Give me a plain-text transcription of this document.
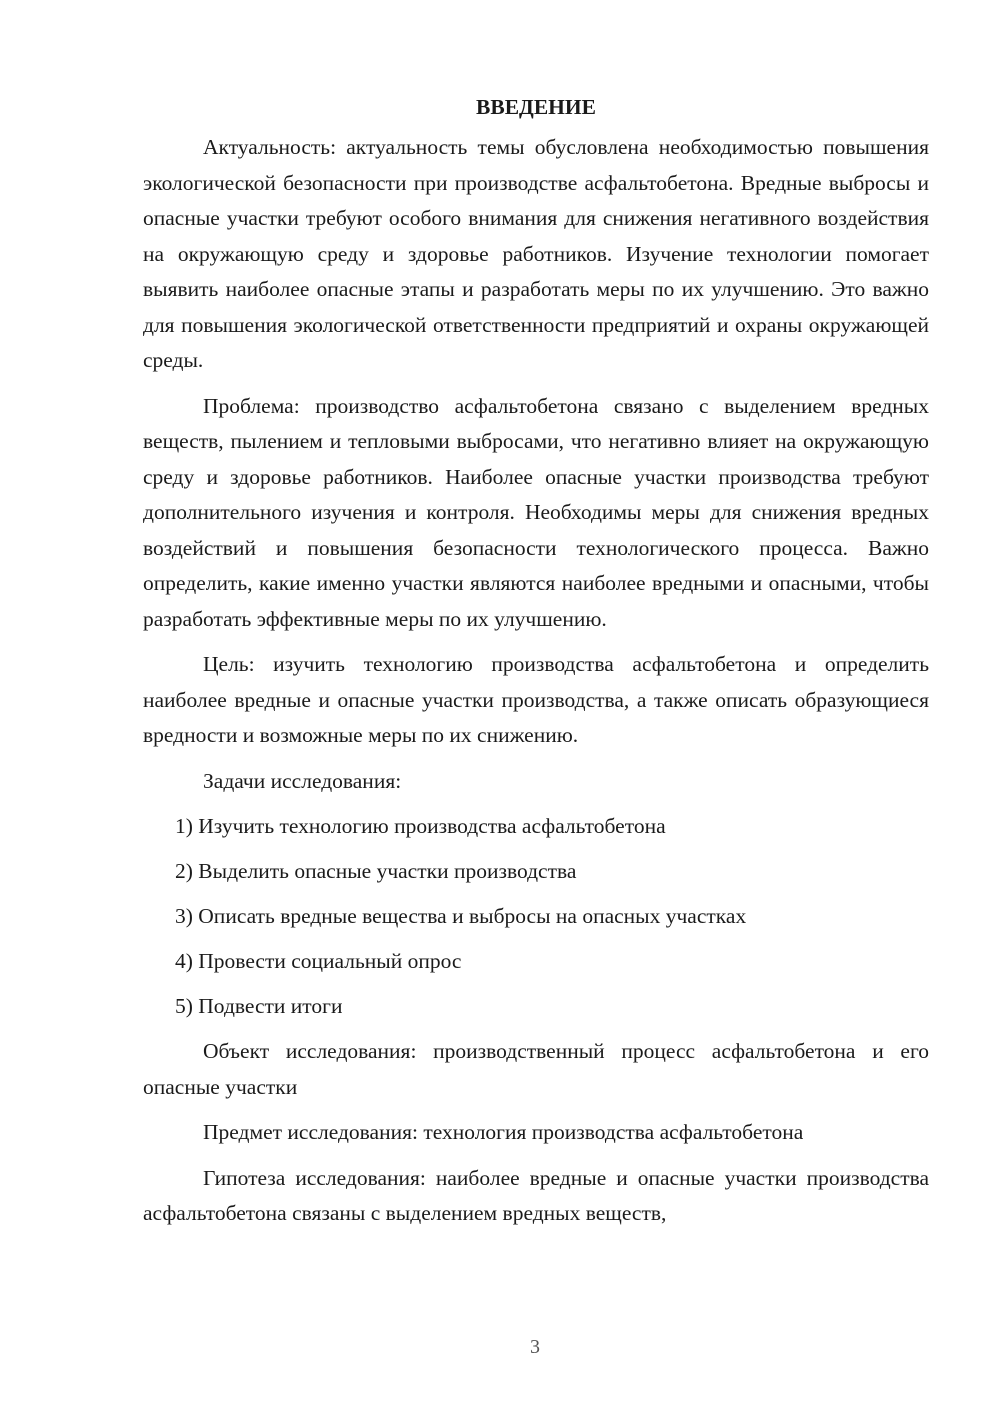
ВВЕДЕНИЕ

Актуальность: актуальность темы обусловлена необходимостью повышения экологической безопасности при производстве асфальтобетона. Вредные выбросы и опасные участки требуют особого внимания для снижения негативного воздействия на окружающую среду и здоровье работников. Изучение технологии помогает выявить наиболее опасные этапы и разработать меры по их улучшению. Это важно для повышения экологической ответственности предприятий и охраны окружающей среды.

Проблема: производство асфальтобетона связано с выделением вредных веществ, пылением и тепловыми выбросами, что негативно влияет на окружающую среду и здоровье работников. Наиболее опасные участки производства требуют дополнительного изучения и контроля. Необходимы меры для снижения вредных воздействий и повышения безопасности технологического процесса. Важно определить, какие именно участки являются наиболее вредными и опасными, чтобы разработать эффективные меры по их улучшению.

Цель: изучить технологию производства асфальтобетона и определить наиболее вредные и опасные участки производства, а также описать образующиеся вредности и возможные меры по их снижению.

Задачи исследования:

1) Изучить технологию производства асфальтобетона
2) Выделить опасные участки производства
3) Описать вредные вещества и выбросы на опасных участках
4) Провести социальный опрос
5) Подвести итоги

Объект исследования: производственный процесс асфальтобетона и его опасные участки

Предмет исследования: технология производства асфальтобетона

Гипотеза исследования: наиболее вредные и опасные участки производства асфальтобетона связаны с выделением вредных веществ,

3
